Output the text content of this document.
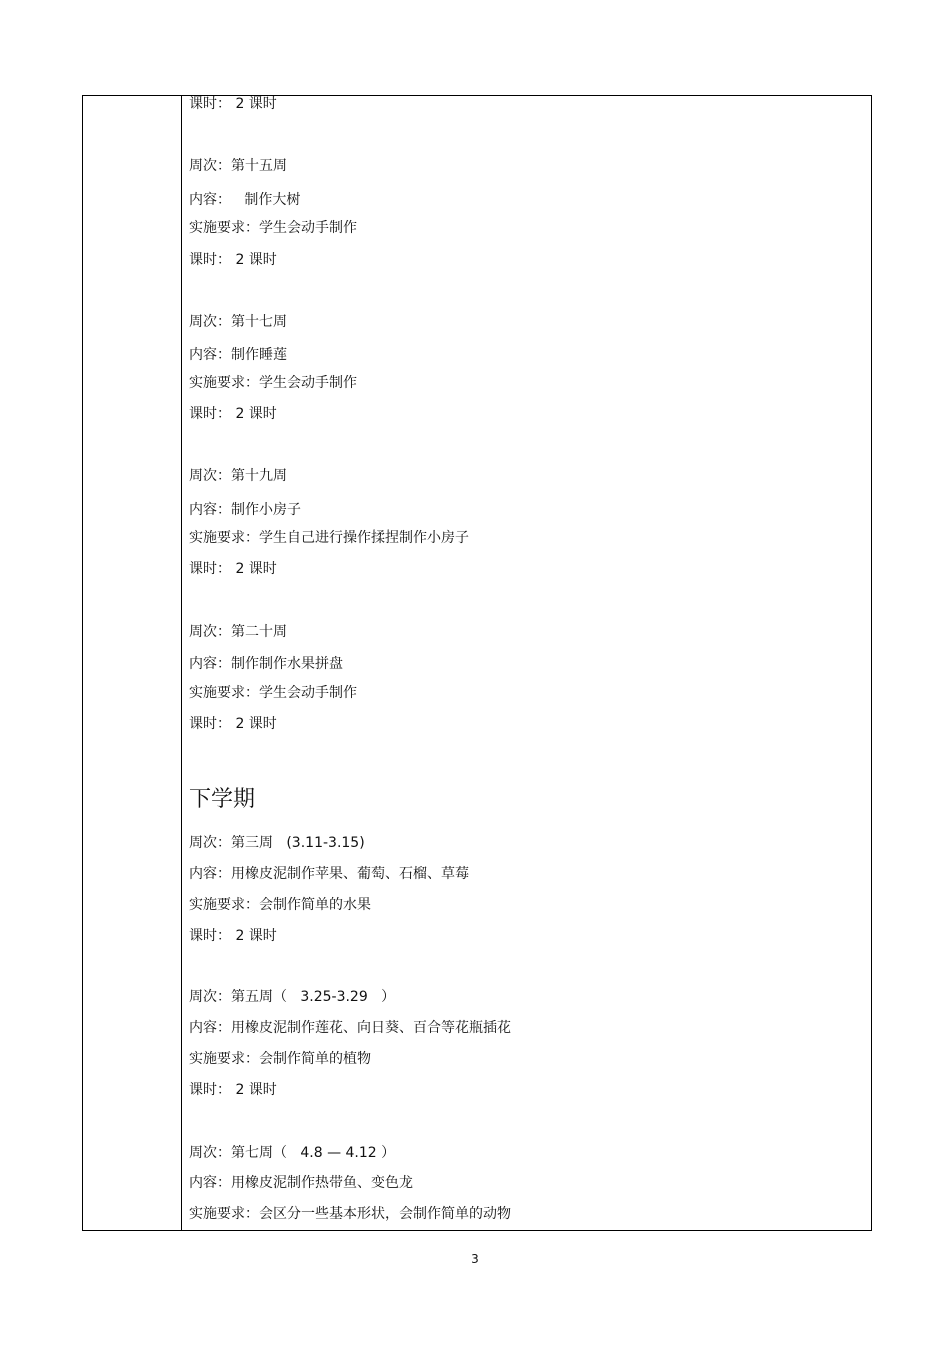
课时： 2 课时
周次：第十五周
内容：   制作大树
实施要求：学生会动手制作
课时： 2 课时
周次：第十七周
内容：制作睡莲
实施要求：学生会动手制作
课时： 2 课时
周次：第十九周
内容：制作小房子
实施要求：学生自己进行操作揉捏制作小房子
课时： 2 课时
周次：第二十周
内容：制作制作水果拼盘
实施要求：学生会动手制作
课时： 2 课时
下学期
周次：第三周   (3.11-3.15)
内容：用橡皮泥制作苹果、葡萄、石榴、草莓
实施要求：会制作简单的水果
课时： 2 课时
周次：第五周（   3.25-3.29   ）
内容：用橡皮泥制作莲花、向日葵、百合等花瓶插花
实施要求：会制作简单的植物
课时： 2 课时
周次：第七周（   4.8 — 4.12 ）
内容：用橡皮泥制作热带鱼、变色龙
实施要求：会区分一些基本形状，会制作简单的动物
3
